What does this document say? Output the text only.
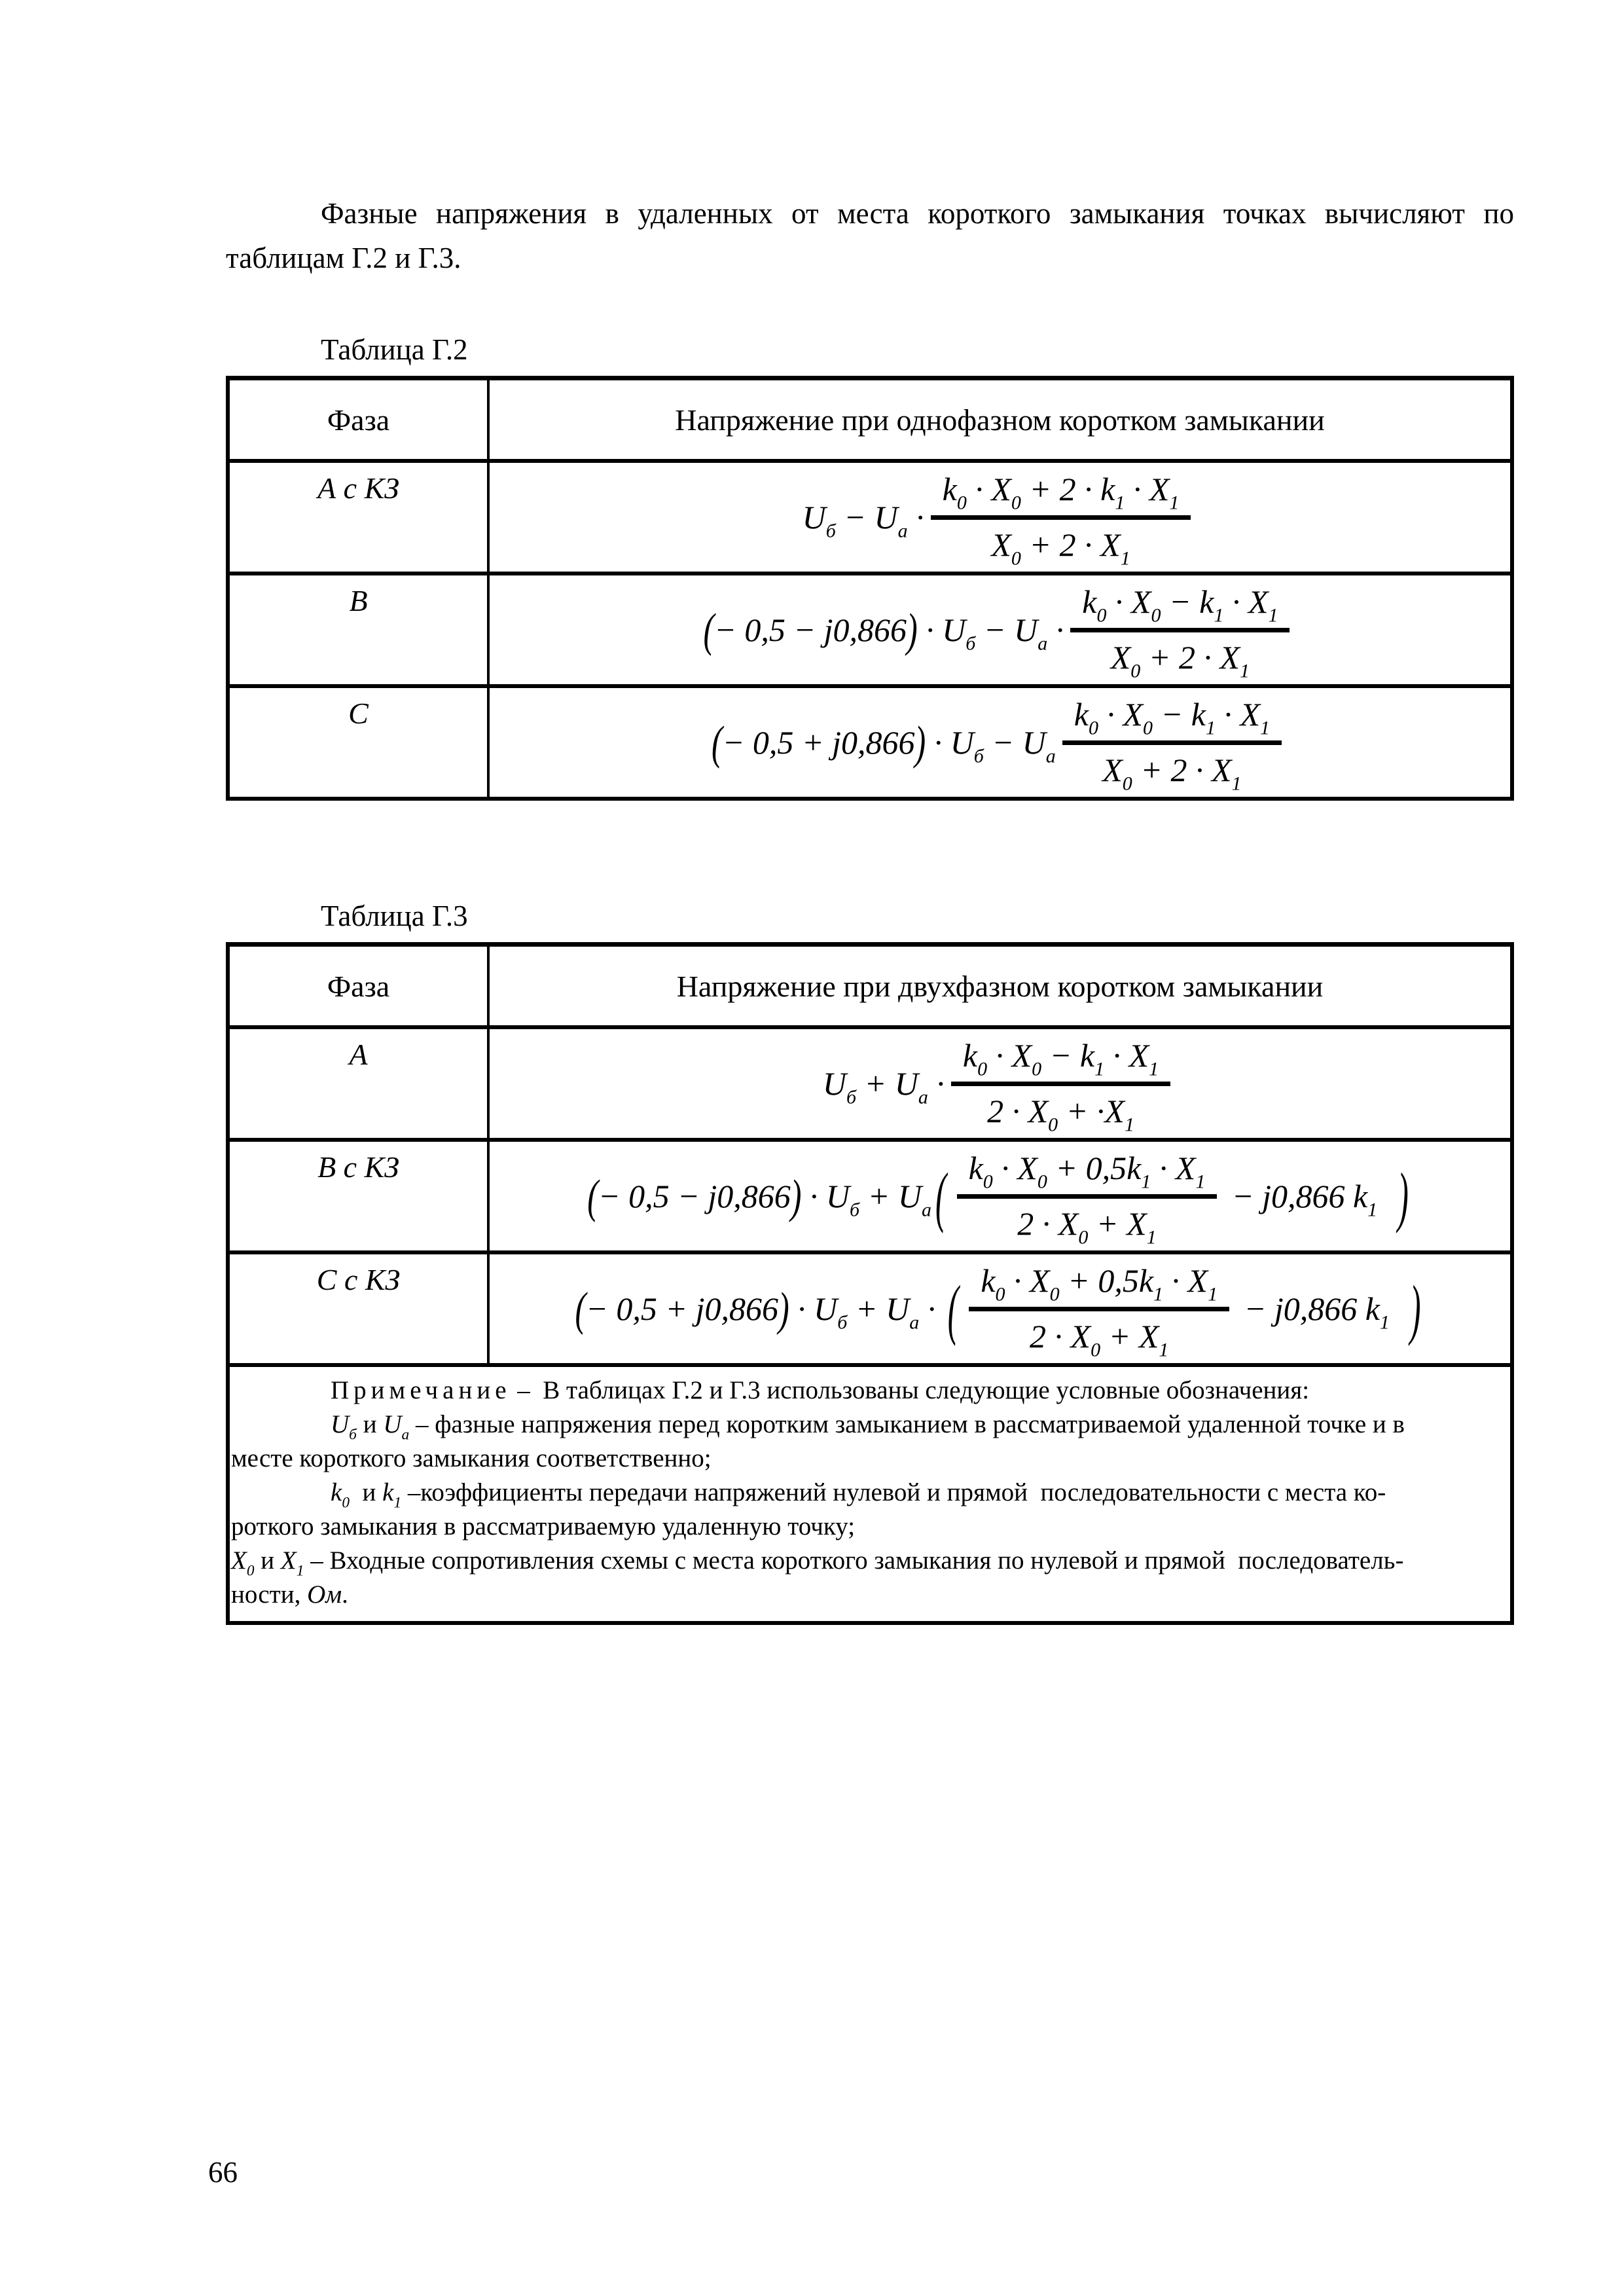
Фазные напряжения в удаленных от места короткого замыкания точках вычисляют по таблицам Г.2 и Г.3.

Таблица Г.2
Фаза	Напряжение при однофазном коротком замыкании
А с КЗ
$U_б - U_а \cdot \frac{k_0 \cdot X_0 + 2 \cdot k_1 \cdot X_1}{X_0 + 2 \cdot X_1}$
В
(− $0,5 - j0,866) \cdot U_б - U_а \cdot \frac{k_0 \cdot X_0 - k_1 \cdot X_1}{X_0 + 2 \cdot X_1}$
С
(− $0,5 + j0,866) \cdot U_б - U_а \frac{k_0 \cdot X_0 - k_1 \cdot X_1}{X_0 + 2 \cdot X_1}$
Таблица Г.3
Фаза	Напряжение при двухфазном коротком замыкании
А
$U_б + U_а \cdot \frac{k_0 \cdot X_0 - k_1 \cdot X_1}{2 \cdot X_0 + \cdot X_1}$
В с КЗ
(− $0,5 - j0,866) \cdot U_б + U_а$ ( $\frac{k_0 \cdot X_0 + 0,5k_1 \cdot X_1}{2 \cdot X_0 + X_1} - j0,866$ $k_1$ )
С с КЗ
(− $0,5 + j0,866) \cdot U_б + U_а$ · ( $\frac{k_0 \cdot X_0 + 0,5k_1 \cdot X_1}{2 \cdot X_0 + X_1} - j0,866$ $k_1$ )
Примечание –  В таблицах Г.2 и Г.3 использованы следующие условные обозначения:
$U_б$ и $U_а$ – фазные напряжения перед коротким замыканием в рассматриваемой удаленной точке и в
месте короткого замыкания соответственно;
$k_0$  и $k_1$ –коэффициенты передачи напряжений нулевой и прямой  последовательности с места ко-
роткого замыкания в рассматриваемую удаленную точку;
$X_0$ и $X_1$ – Входные сопротивления схемы с места короткого замыкания по нулевой и прямой  последователь-
ности, Ом.
66
